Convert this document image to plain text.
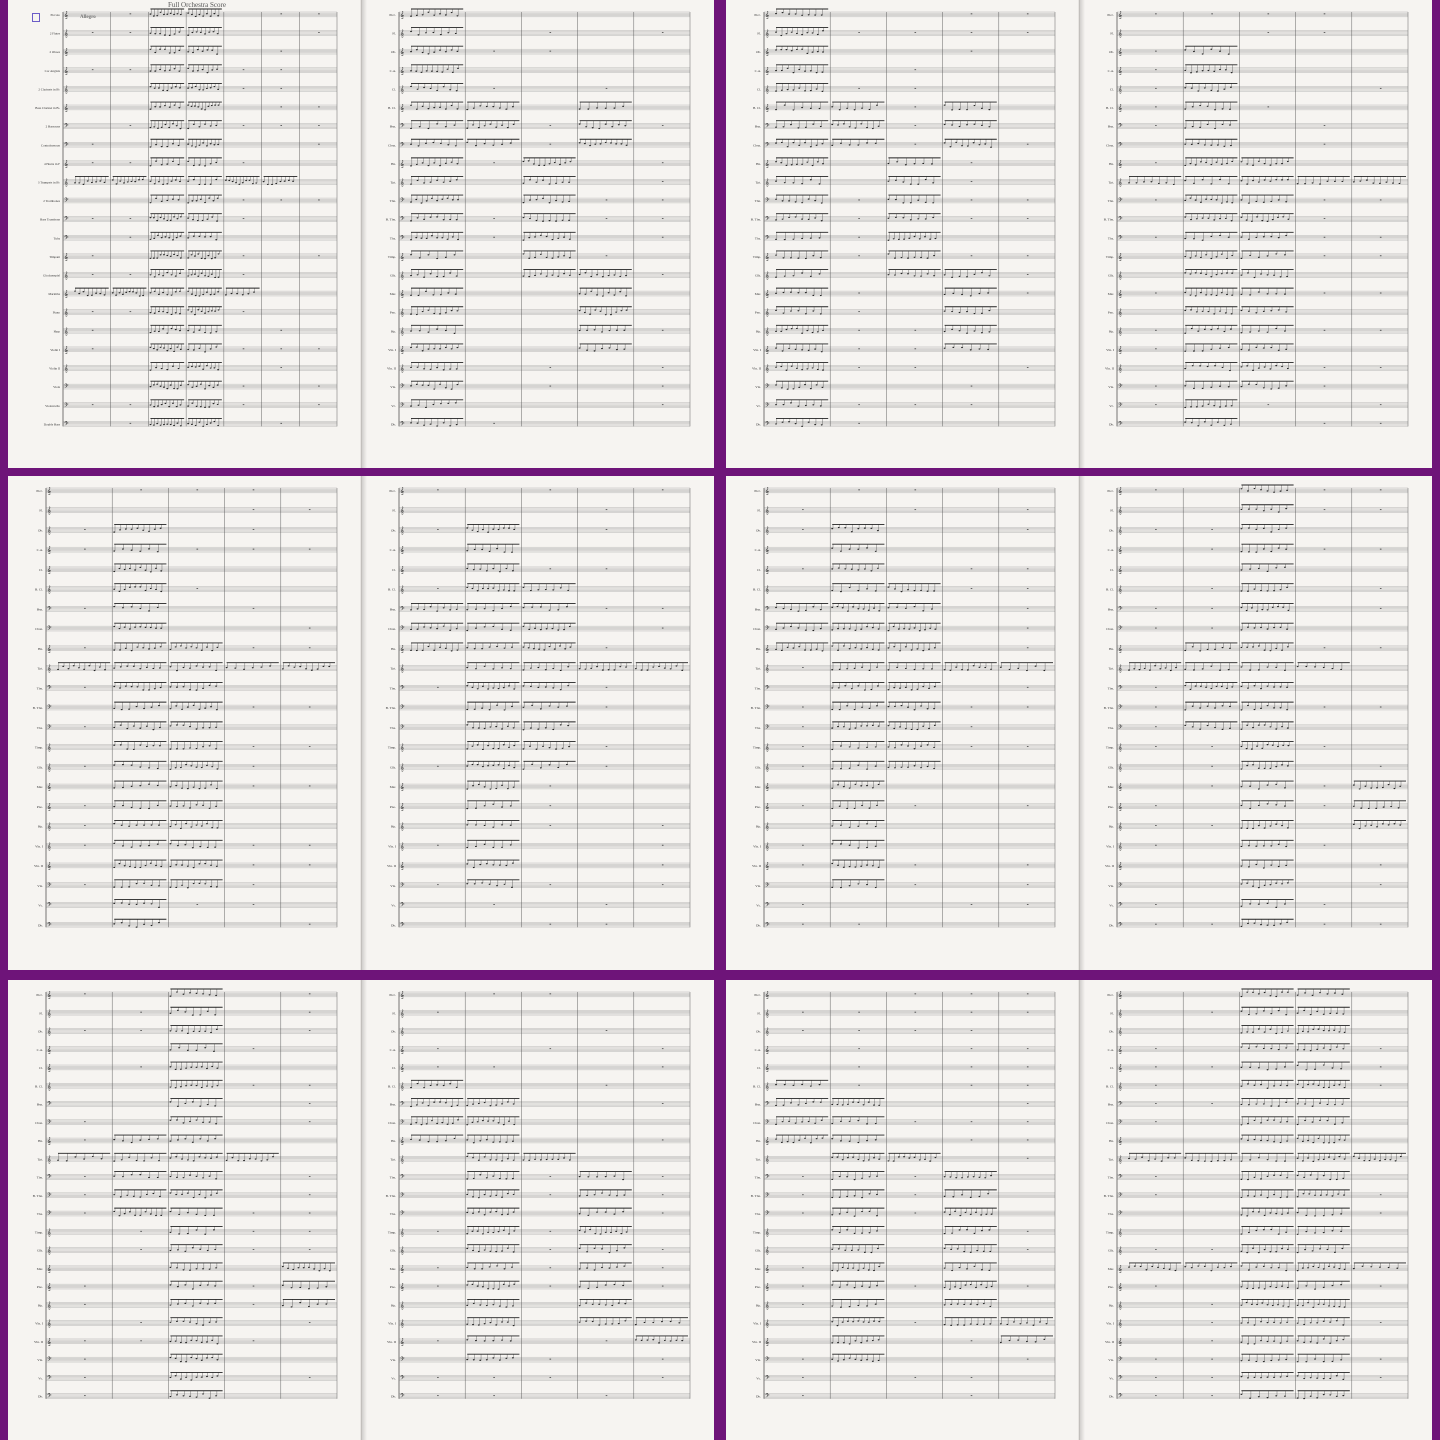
𝄞
Piccolo
𝄞
2 Flutes
𝄞
2 Oboes
𝄞
Cor Anglais
𝄞
2 Clarinets in B♭
𝄞
Bass Clarinet in B♭
𝄢
2 Bassoons
𝄢
Contrabassoon
𝄞
4 Horns in F
𝄞
3 Trumpets in B♭
𝄢
2 Trombones
𝄢
Bass Trombone
𝄢
Tuba
𝄞
Timpani
𝄞
Glockenspiel
𝄞
Marimba
𝄞
Piano
𝄞
Harp
𝄞
Violin I
𝄞
Violin II
𝄢
Viola
𝄢
Violoncello
𝄢
Double Bass
𝄞
Picc.
𝄞
Fl.
𝄞
Ob.
𝄞
C.A.
𝄞
Cl.
𝄞
B. Cl.
𝄢
Bsn.
𝄢
Cbsn.
𝄞
Hn.
𝄞
Tpt.
𝄢
Tbn.
𝄢
B. Tbn.
𝄢
Tba.
𝄞
Timp.
𝄞
Glk.
𝄞
Mar.
𝄞
Pno.
𝄞
Hp.
𝄞
Vln. I
𝄞
Vln. II
𝄢
Vla.
𝄢
Vc.
𝄢
Db.
Full Orchestra Score
Allegro	𝄞
Picc.
𝄞
Fl.
𝄞
Ob.
𝄞
C.A.
𝄞
Cl.
𝄞
B. Cl.
𝄢
Bsn.
𝄢
Cbsn.
𝄞
Hn.
𝄞
Tpt.
𝄢
Tbn.
𝄢
B. Tbn.
𝄢
Tba.
𝄞
Timp.
𝄞
Glk.
𝄞
Mar.
𝄞
Pno.
𝄞
Hp.
𝄞
Vln. I
𝄞
Vln. II
𝄢
Vla.
𝄢
Vc.
𝄢
Db.
𝄞
Picc.
𝄞
Fl.
𝄞
Ob.
𝄞
C.A.
𝄞
Cl.
𝄞
B. Cl.
𝄢
Bsn.
𝄢
Cbsn.
𝄞
Hn.
𝄞
Tpt.
𝄢
Tbn.
𝄢
B. Tbn.
𝄢
Tba.
𝄞
Timp.
𝄞
Glk.
𝄞
Mar.
𝄞
Pno.
𝄞
Hp.
𝄞
Vln. I
𝄞
Vln. II
𝄢
Vla.
𝄢
Vc.
𝄢
Db.
𝄞
Picc.
𝄞
Fl.
𝄞
Ob.
𝄞
C.A.
𝄞
Cl.
𝄞
B. Cl.
𝄢
Bsn.
𝄢
Cbsn.
𝄞
Hn.
𝄞
Tpt.
𝄢
Tbn.
𝄢
B. Tbn.
𝄢
Tba.
𝄞
Timp.
𝄞
Glk.
𝄞
Mar.
𝄞
Pno.
𝄞
Hp.
𝄞
Vln. I
𝄞
Vln. II
𝄢
Vla.
𝄢
Vc.
𝄢
Db.
𝄞
Picc.
𝄞
Fl.
𝄞
Ob.
𝄞
C.A.
𝄞
Cl.
𝄞
B. Cl.
𝄢
Bsn.
𝄢
Cbsn.
𝄞
Hn.
𝄞
Tpt.
𝄢
Tbn.
𝄢
B. Tbn.
𝄢
Tba.
𝄞
Timp.
𝄞
Glk.
𝄞
Mar.
𝄞
Pno.
𝄞
Hp.
𝄞
Vln. I
𝄞
Vln. II
𝄢
Vla.
𝄢
Vc.
𝄢
Db.
𝄞
Picc.
𝄞
Fl.
𝄞
Ob.
𝄞
C.A.
𝄞
Cl.
𝄞
B. Cl.
𝄢
Bsn.
𝄢
Cbsn.
𝄞
Hn.
𝄞
Tpt.
𝄢
Tbn.
𝄢
B. Tbn.
𝄢
Tba.
𝄞
Timp.
𝄞
Glk.
𝄞
Mar.
𝄞
Pno.
𝄞
Hp.
𝄞
Vln. I
𝄞
Vln. II
𝄢
Vla.
𝄢
Vc.
𝄢
Db.
𝄞
Picc.
𝄞
Fl.
𝄞
Ob.
𝄞
C.A.
𝄞
Cl.
𝄞
B. Cl.
𝄢
Bsn.
𝄢
Cbsn.
𝄞
Hn.
𝄞
Tpt.
𝄢
Tbn.
𝄢
B. Tbn.
𝄢
Tba.
𝄞
Timp.
𝄞
Glk.
𝄞
Mar.
𝄞
Pno.
𝄞
Hp.
𝄞
Vln. I
𝄞
Vln. II
𝄢
Vla.
𝄢
Vc.
𝄢
Db.
𝄞
Picc.
𝄞
Fl.
𝄞
Ob.
𝄞
C.A.
𝄞
Cl.
𝄞
B. Cl.
𝄢
Bsn.
𝄢
Cbsn.
𝄞
Hn.
𝄞
Tpt.
𝄢
Tbn.
𝄢
B. Tbn.
𝄢
Tba.
𝄞
Timp.
𝄞
Glk.
𝄞
Mar.
𝄞
Pno.
𝄞
Hp.
𝄞
Vln. I
𝄞
Vln. II
𝄢
Vla.
𝄢
Vc.
𝄢
Db.
𝄞
Picc.
𝄞
Fl.
𝄞
Ob.
𝄞
C.A.
𝄞
Cl.
𝄞
B. Cl.
𝄢
Bsn.
𝄢
Cbsn.
𝄞
Hn.
𝄞
Tpt.
𝄢
Tbn.
𝄢
B. Tbn.
𝄢
Tba.
𝄞
Timp.
𝄞
Glk.
𝄞
Mar.
𝄞
Pno.
𝄞
Hp.
𝄞
Vln. I
𝄞
Vln. II
𝄢
Vla.
𝄢
Vc.
𝄢
Db.
𝄞
Picc.
𝄞
Fl.
𝄞
Ob.
𝄞
C.A.
𝄞
Cl.
𝄞
B. Cl.
𝄢
Bsn.
𝄢
Cbsn.
𝄞
Hn.
𝄞
Tpt.
𝄢
Tbn.
𝄢
B. Tbn.
𝄢
Tba.
𝄞
Timp.
𝄞
Glk.
𝄞
Mar.
𝄞
Pno.
𝄞
Hp.
𝄞
Vln. I
𝄞
Vln. II
𝄢
Vla.
𝄢
Vc.
𝄢
Db.
𝄞
Picc.
𝄞
Fl.
𝄞
Ob.
𝄞
C.A.
𝄞
Cl.
𝄞
B. Cl.
𝄢
Bsn.
𝄢
Cbsn.
𝄞
Hn.
𝄞
Tpt.
𝄢
Tbn.
𝄢
B. Tbn.
𝄢
Tba.
𝄞
Timp.
𝄞
Glk.
𝄞
Mar.
𝄞
Pno.
𝄞
Hp.
𝄞
Vln. I
𝄞
Vln. II
𝄢
Vla.
𝄢
Vc.
𝄢
Db.
